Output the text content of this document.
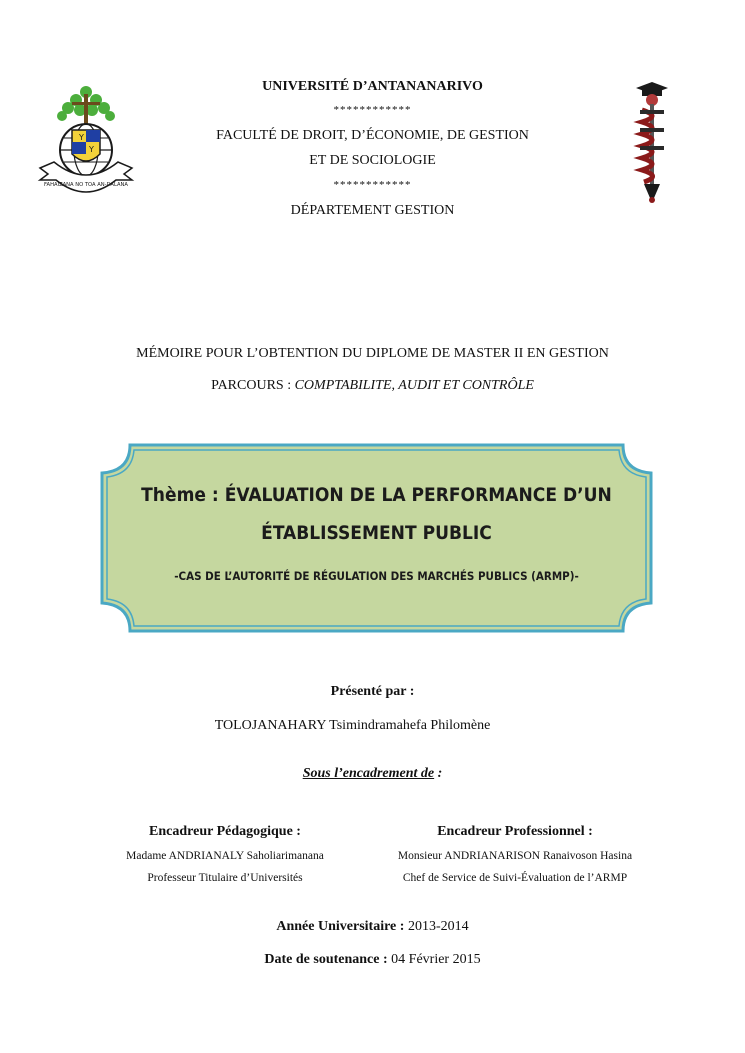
Y
Y
FAHAIZANA NO TOA AN-DALANA
UNIVERSITÉ D’ANTANANARIVO
************
FACULTÉ DE DROIT, D’ÉCONOMIE, DE GESTION
ET DE SOCIOLOGIE
************
DÉPARTEMENT GESTION
MÉMOIRE POUR L’OBTENTION DU DIPLOME DE MASTER II EN GESTION
PARCOURS : COMPTABILITE, AUDIT ET CONTRÔLE
Thème : ÉVALUATION DE LA PERFORMANCE D’UN
ÉTABLISSEMENT PUBLIC
-CAS DE L’AUTORITÉ DE RÉGULATION DES MARCHÉS PUBLICS (ARMP)-
Présenté par :
TOLOJANAHARY Tsimindramahefa Philomène
Sous l’encadrement de :
Encadreur Pédagogique :
Madame ANDRIANALY Saholiarimanana
Professeur Titulaire d’Universités
Encadreur Professionnel :
Monsieur ANDRIANARISON Ranaivoson Hasina
Chef de Service de Suivi-Évaluation de l’ARMP
Année Universitaire : 2013-2014
Date de soutenance : 04 Février 2015
